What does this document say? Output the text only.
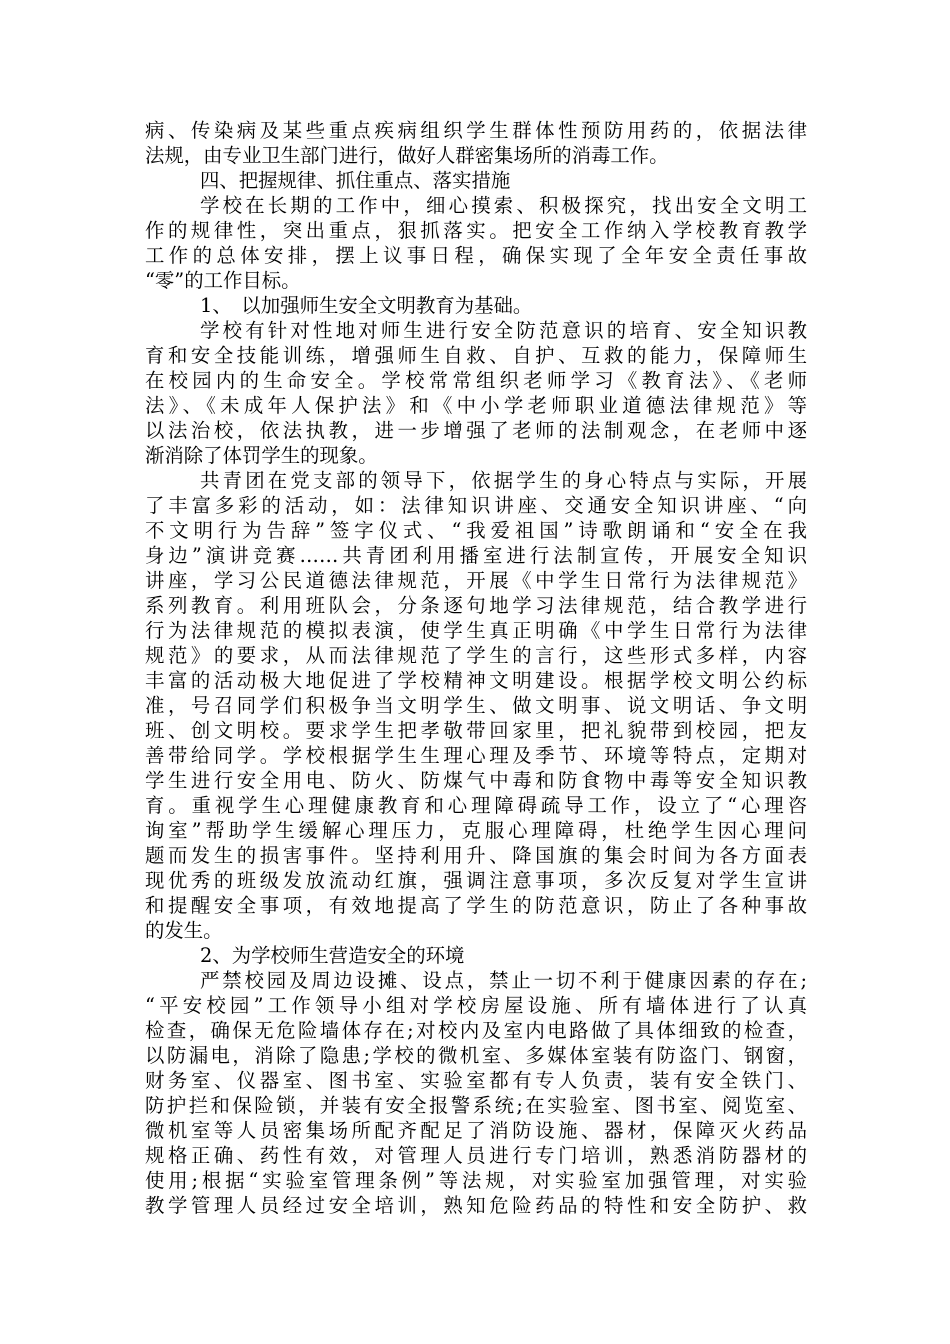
病、传染病及某些重点疾病组织学生群体性预防用药的，依据法律
法规，由专业卫生部门进行，做好人群密集场所的消毒工作。
四、把握规律、抓住重点、落实措施
学校在长期的工作中，细心摸索、积极探究，找出安全文明工
作的规律性，突出重点，狠抓落实。把安全工作纳入学校教育教学
工作的总体安排，摆上议事日程，确保实现了全年安全责任事故
“零”的工作目标。
1、　以加强师生安全文明教育为基础。
学校有针对性地对师生进行安全防范意识的培育、安全知识教
育和安全技能训练，增强师生自救、自护、互救的能力，保障师生
在校园内的生命安全。学校常常组织老师学习《教育法》、《老师
法》、《未成年人保护法》和《中小学老师职业道德法律规范》等
以法治校，依法执教，进一步增强了老师的法制观念，在老师中逐
渐消除了体罚学生的现象。
共青团在党支部的领导下，依据学生的身心特点与实际，开展
了丰富多彩的活动，如：法律知识讲座、交通安全知识讲座、“向
不文明行为告辞”签字仪式、“我爱祖国”诗歌朗诵和“安全在我
身边”演讲竞赛……共青团利用播室进行法制宣传，开展安全知识
讲座，学习公民道德法律规范，开展《中学生日常行为法律规范》
系列教育。利用班队会，分条逐句地学习法律规范，结合教学进行
行为法律规范的模拟表演，使学生真正明确《中学生日常行为法律
规范》的要求，从而法律规范了学生的言行，这些形式多样，内容
丰富的活动极大地促进了学校精神文明建设。根据学校文明公约标
准，号召同学们积极争当文明学生、做文明事、说文明话、争文明
班、创文明校。要求学生把孝敬带回家里，把礼貌带到校园，把友
善带给同学。学校根据学生生理心理及季节、环境等特点，定期对
学生进行安全用电、防火、防煤气中毒和防食物中毒等安全知识教
育。重视学生心理健康教育和心理障碍疏导工作，设立了“心理咨
询室”帮助学生缓解心理压力，克服心理障碍，杜绝学生因心理问
题而发生的损害事件。坚持利用升、降国旗的集会时间为各方面表
现优秀的班级发放流动红旗，强调注意事项，多次反复对学生宣讲
和提醒安全事项，有效地提高了学生的防范意识，防止了各种事故
的发生。
2、为学校师生营造安全的环境
严禁校园及周边设摊、设点，禁止一切不利于健康因素的存在;
“平安校园”工作领导小组对学校房屋设施、所有墙体进行了认真
检查，确保无危险墙体存在;对校内及室内电路做了具体细致的检查，
以防漏电，消除了隐患;学校的微机室、多媒体室装有防盗门、钢窗，
财务室、仪器室、图书室、实验室都有专人负责，装有安全铁门、
防护拦和保险锁，并装有安全报警系统;在实验室、图书室、阅览室、
微机室等人员密集场所配齐配足了消防设施、器材，保障灭火药品
规格正确、药性有效，对管理人员进行专门培训，熟悉消防器材的
使用;根据“实验室管理条例”等法规，对实验室加强管理，对实验
教学管理人员经过安全培训，熟知危险药品的特性和安全防护、救
